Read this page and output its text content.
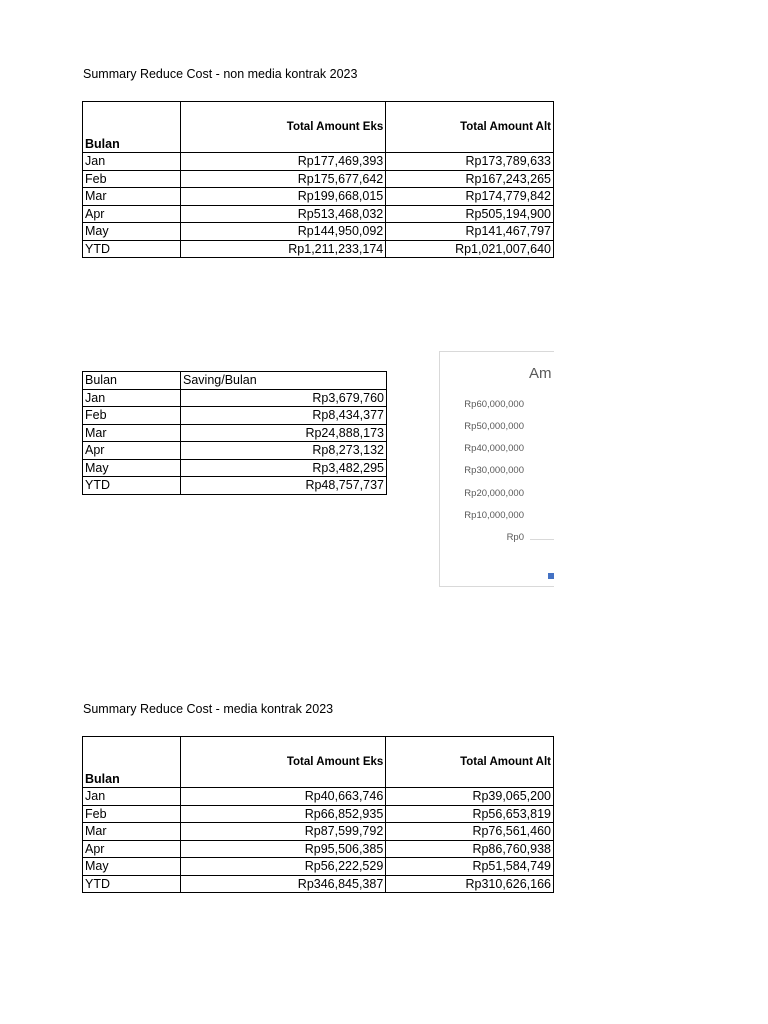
Summary Reduce Cost - non media kontrak 2023
Bulan	Total Amount Eks	Total Amount Alt
Jan	Rp177,469,393	Rp173,789,633
Feb	Rp175,677,642	Rp167,243,265
Mar	Rp199,668,015	Rp174,779,842
Apr	Rp513,468,032	Rp505,194,900
May	Rp144,950,092	Rp141,467,797
YTD	Rp1,211,233,174	Rp1,021,007,640
Bulan	Saving/Bulan
Jan	Rp3,679,760
Feb	Rp8,434,377
Mar	Rp24,888,173
Apr	Rp8,273,132
May	Rp3,482,295
YTD	Rp48,757,737
Am
Rp60,000,000
Rp50,000,000
Rp40,000,000
Rp30,000,000
Rp20,000,000
Rp10,000,000
Rp0
Summary Reduce Cost - media kontrak 2023
Bulan	Total Amount Eks	Total Amount Alt
Jan	Rp40,663,746	Rp39,065,200
Feb	Rp66,852,935	Rp56,653,819
Mar	Rp87,599,792	Rp76,561,460
Apr	Rp95,506,385	Rp86,760,938
May	Rp56,222,529	Rp51,584,749
YTD	Rp346,845,387	Rp310,626,166
